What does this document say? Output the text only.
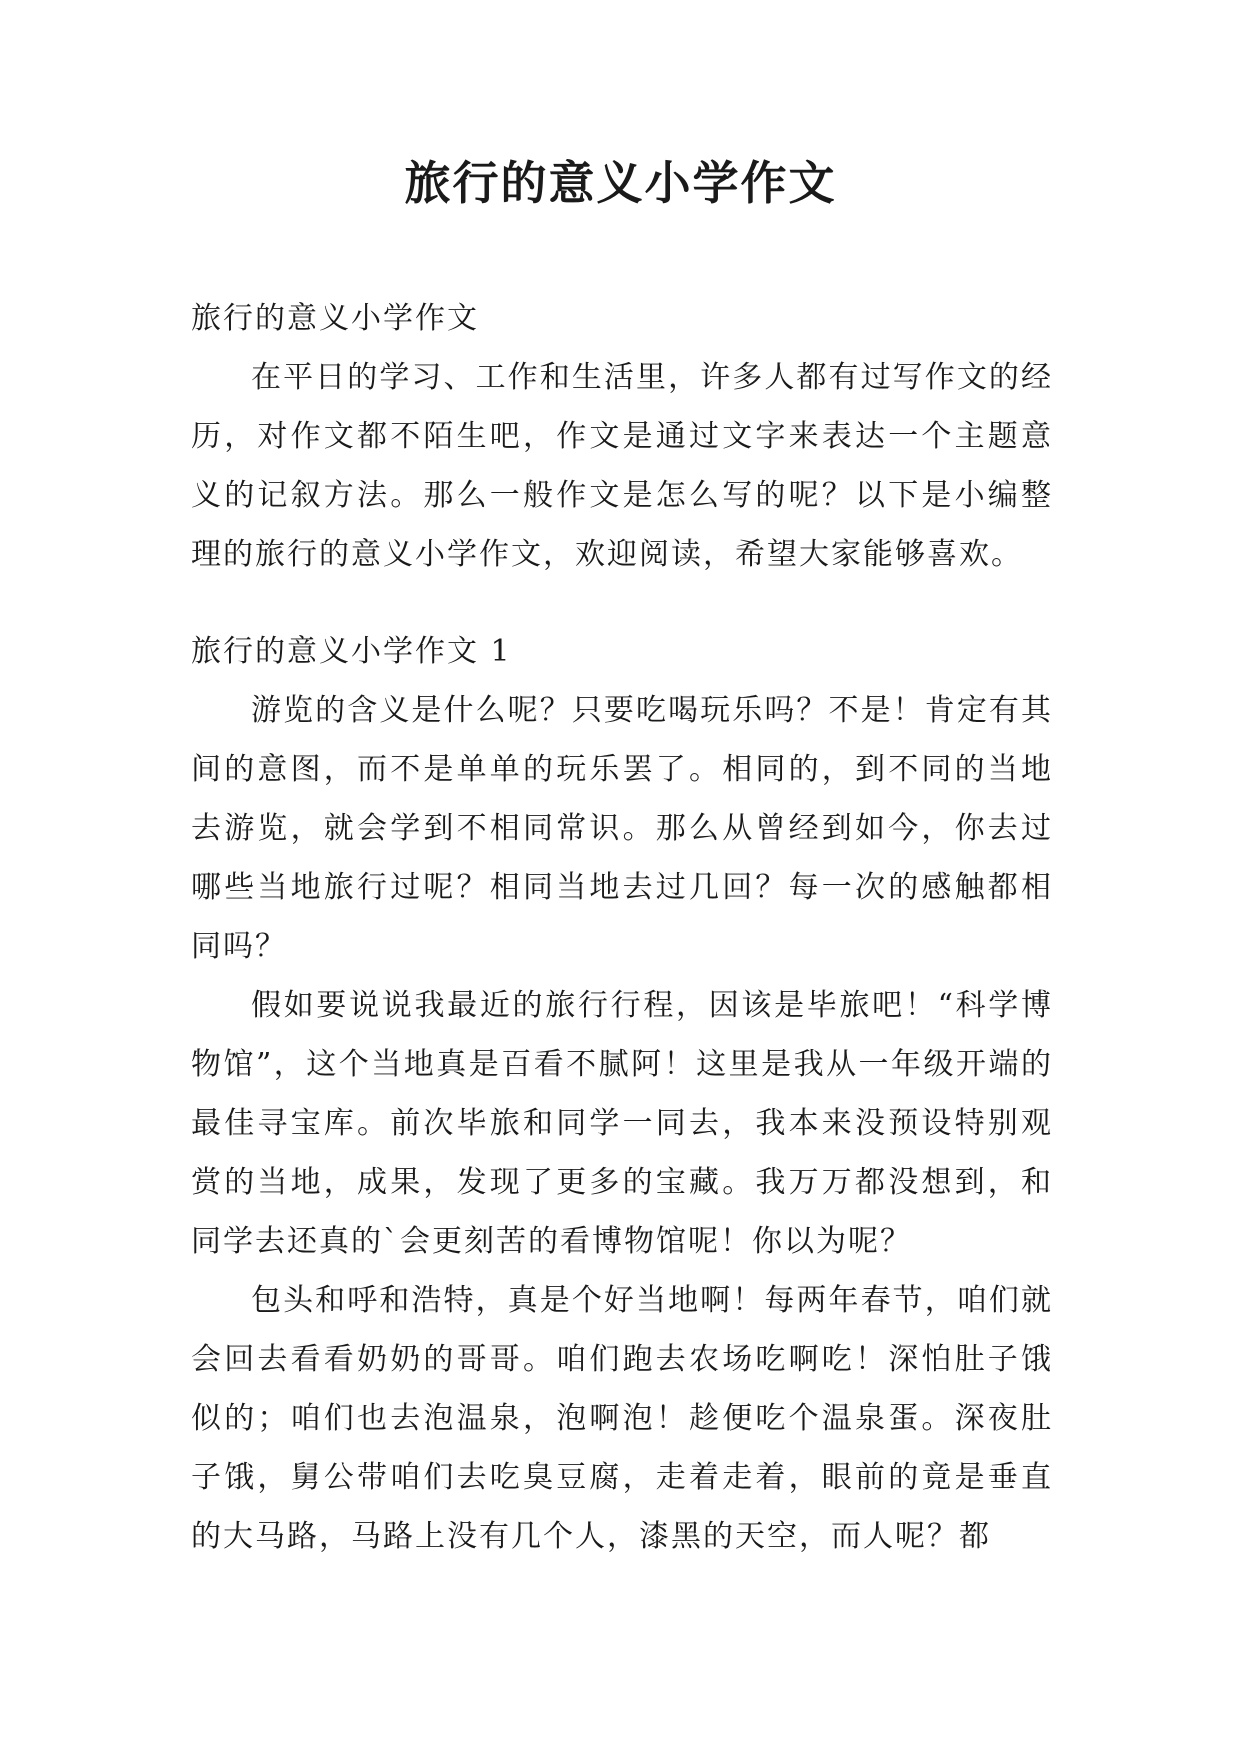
旅行的意义小学作文

旅行的意义小学作文

在平日的学习、工作和生活里，许多人都有过写作文的经历，对作文都不陌生吧，作文是通过文字来表达一个主题意义的记叙方法。那么一般作文是怎么写的呢？以下是小编整理的旅行的意义小学作文，欢迎阅读，希望大家能够喜欢。

旅行的意义小学作文 1

游览的含义是什么呢？只要吃喝玩乐吗？不是！肯定有其间的意图，而不是单单的玩乐罢了。相同的，到不同的当地去游览，就会学到不相同常识。那么从曾经到如今，你去过哪些当地旅行过呢？相同当地去过几回？每一次的感触都相同吗？

假如要说说我最近的旅行行程，因该是毕旅吧！“科学博物馆”，这个当地真是百看不腻阿！这里是我从一年级开端的最佳寻宝库。前次毕旅和同学一同去，我本来没预设特别观赏的当地，成果，发现了更多的宝藏。我万万都没想到，和同学去还真的`会更刻苦的看博物馆呢！你以为呢？

包头和呼和浩特，真是个好当地啊！每两年春节，咱们就会回去看看奶奶的哥哥。咱们跑去农场吃啊吃！深怕肚子饿似的；咱们也去泡温泉，泡啊泡！趁便吃个温泉蛋。深夜肚子饿，舅公带咱们去吃臭豆腐，走着走着，眼前的竟是垂直的大马路，马路上没有几个人，漆黑的天空，而人呢？都
